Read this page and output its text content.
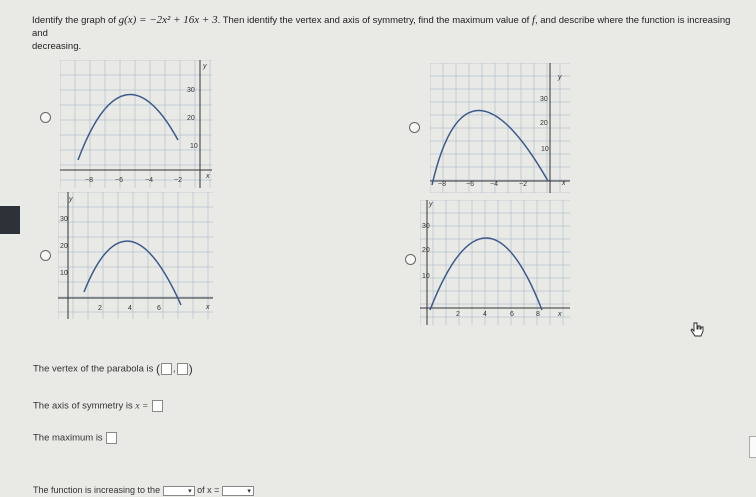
Identify the graph of g(x) = −2x² + 16x + 3. Then identify the vertex and axis of symmetry, find the maximum value of f, and describe where the function is increasing and
decreasing.
−8	−6	−4	−2
10
20
30
y
x
−8	−6 −4	−2
10
20
30
y
x
2	4	6
10
20
30
y
x
2	4	6	8
10
20
30
y
x
The vertex of the parabola is ( , )
The axis of symmetry is x =
The maximum is
The function is increasing to the	▾ of x =	▾
